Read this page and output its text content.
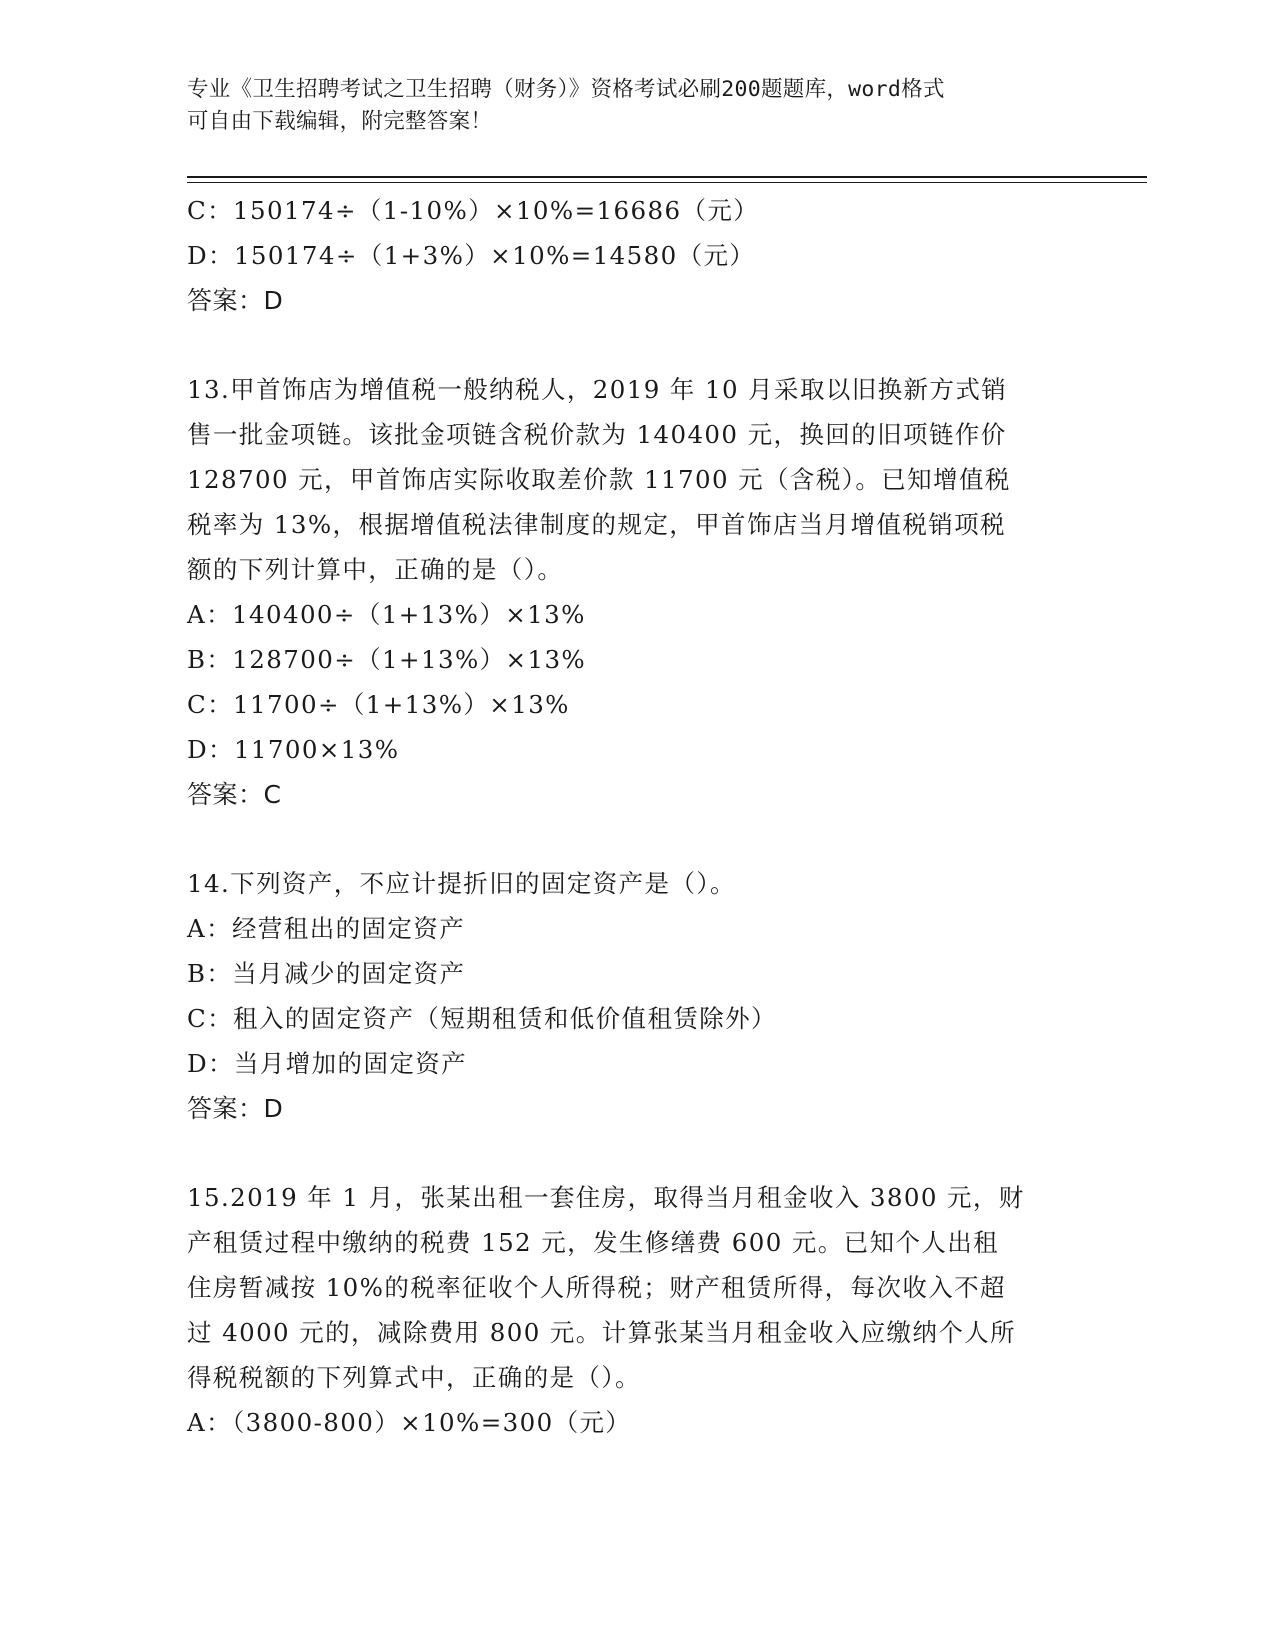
专业《卫生招聘考试之卫生招聘（财务）》资格考试必刷200题题库，word格式
可自由下载编辑，附完整答案！
C：150174÷（1-10%）×10%=16686（元）
D：150174÷（1+3%）×10%=14580（元）
答案：D
13.甲首饰店为增值税一般纳税人，2019 年 10 月采取以旧换新方式销
售一批金项链。该批金项链含税价款为 140400 元，换回的旧项链作价
128700 元，甲首饰店实际收取差价款 11700 元（含税）。已知增值税
税率为 13%，根据增值税法律制度的规定，甲首饰店当月增值税销项税
额的下列计算中，正确的是（）。
A：140400÷（1+13%）×13%
B：128700÷（1+13%）×13%
C：11700÷（1+13%）×13%
D：11700×13%
答案：C
14.下列资产，不应计提折旧的固定资产是（）。
A：经营租出的固定资产
B：当月减少的固定资产
C：租入的固定资产（短期租赁和低价值租赁除外）
D：当月增加的固定资产
答案：D
15.2019 年 1 月，张某出租一套住房，取得当月租金收入 3800 元，财
产租赁过程中缴纳的税费 152 元，发生修缮费 600 元。已知个人出租
住房暂减按 10%的税率征收个人所得税；财产租赁所得，每次收入不超
过 4000 元的，减除费用 800 元。计算张某当月租金收入应缴纳个人所
得税税额的下列算式中，正确的是（）。
A：（3800-800）×10%=300（元）
